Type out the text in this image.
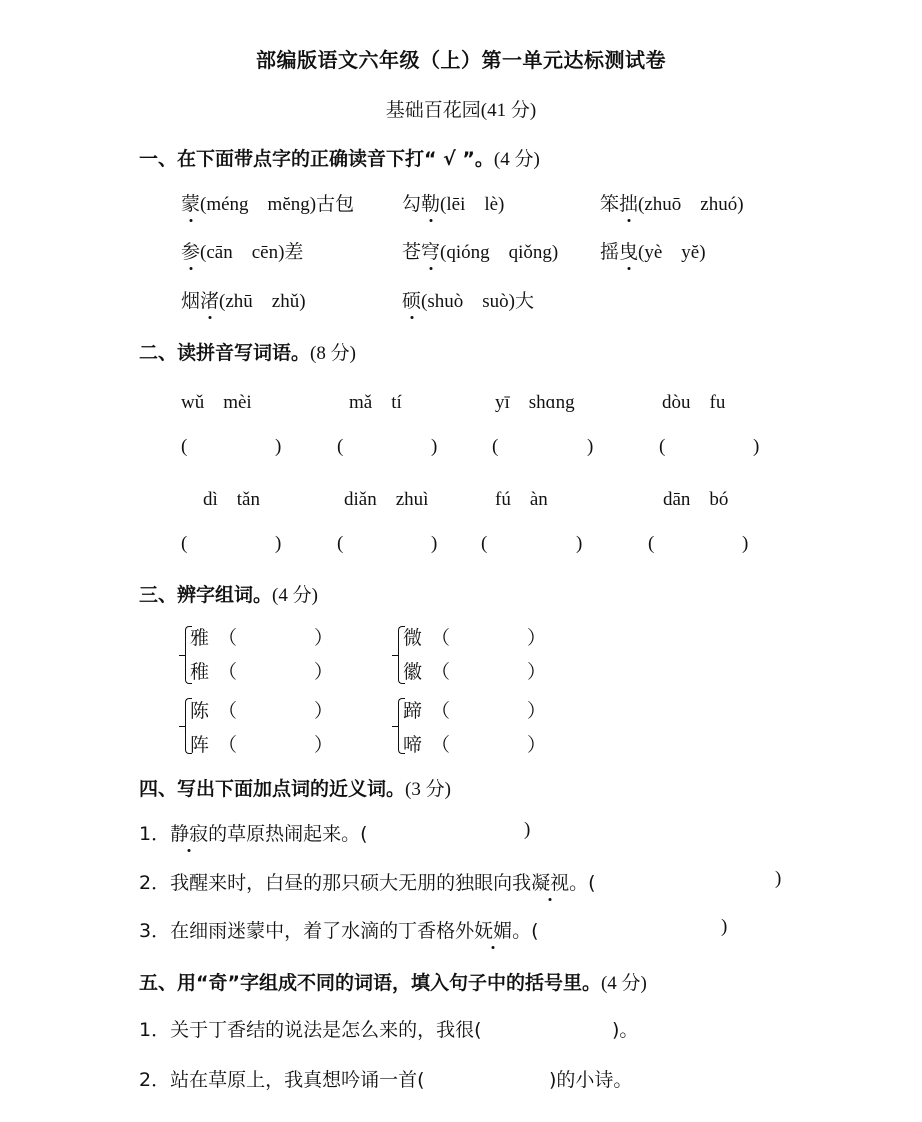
部编版语文六年级（上）第一单元达标测试卷
基础百花园(41 分)
一、在下面带点字的正确读音下打“ √ ”。(4 分)
蒙(méng　mĕng)古包	勾勒(lēi　lè)	笨拙(zhuō　zhuó)
参(cān　cēn)差	苍穹(qióng　qiǒng) 摇曳(yè　yĕ)
烟渚(zhū　zhǔ)	硕(shuò　suò)大
二、读拼音写词语。(8 分)
wǔ　mèi	mǎ　tí	yī　shɑng	dòu　fu
(	)	(	)	(	)	(	)
dì　tǎn	diǎn　zhuì	fú　àn	dān　bó
(	)	(	) (	)	(	)
三、辨字组词。(4 分)
雅 （	）
稚 （	）
微 （	）
徽 （	）
陈 （	）
阵 （	）
蹄 （	）
啼 （	）
四、写出下面加点词的近义词。(3 分)
1．静寂的草原热闹起来。(	)
2．我醒来时，白昼的那只硕大无朋的独眼向我凝视。(	)
3．在细雨迷蒙中，着了水滴的丁香格外妩媚。(	)
五、用“奇”字组成不同的词语，填入句子中的括号里。(4 分)
1．关于丁香结的说法是怎么来的，我很(	)。
2．站在草原上，我真想吟诵一首(	)的小诗。
